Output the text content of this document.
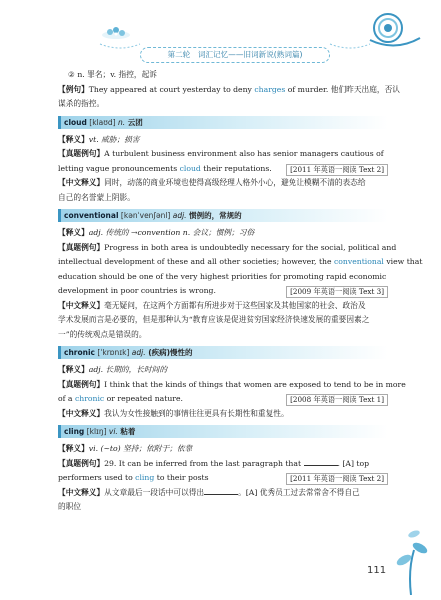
第二轮　词汇记忆——旧词新说(熟词篇)
② n. 罪名；v. 指控，起诉
【例句】They appeared at court yesterday to deny charges of murder. 他们昨天出庭，否认
谋杀的指控。
cloud [klaʊd] n. 云团
【释义】vt. 威胁；损害
【真题例句】A turbulent business environment also has senior managers cautious of
letting vague pronouncements cloud their reputations.	[2011 年英语一阅读 Text 2]
【中文释义】同时，动荡的商业环境也使得高级经理人格外小心，避免让模糊不清的表态给
自己的名誉蒙上阴影。
conventional [kənˈvenʃənl] adj. 惯例的，常规的
【释义】adj. 传统的 →convention n. 会议；惯例；习俗
【真题例句】Progress in both area is undoubtedly necessary for the social, political and
intellectual development of these and all other societies; however, the conventional view that
education should be one of the very highest priorities for promoting rapid economic
development in poor countries is wrong.	[2009 年英语一阅读 Text 3]
【中文释义】毫无疑问，在这两个方面都有所进步对于这些国家及其他国家的社会、政治及
学术发展而言是必要的，但是那种认为“教育应该是促进贫穷国家经济快速发展的重要因素之
一”的传统观点是错误的。
chronic [ˈkrɒnɪk] adj. (疾病)慢性的
【释义】adj. 长期的，长时间的
【真题例句】I think that the kinds of things that women are exposed to tend to be in more
of a chronic or repeated nature.	[2008 年英语一阅读 Text 1]
【中文释义】我认为女性接触到的事情往往更具有长期性和重复性。
cling [klɪŋ] vi. 粘着
【释义】vi. (~to) 坚持；依附于；依靠
【真题例句】29. It can be inferred from the last paragraph that	. [A] top
performers used to cling to their posts	[2011 年英语一阅读 Text 2]
【中文释义】从文章最后一段话中可以得出	。[A] 优秀员工过去常常舍不得自己
的职位
111
